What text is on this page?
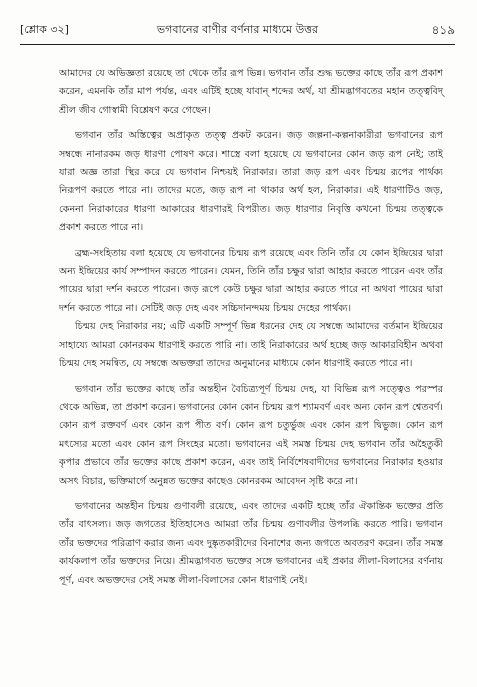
[শ্লোক ৩২]	ভগবানের বাণীর বর্ণনার মাধ্যমে উত্তর	৪১৯

আমাদের যে অভিজ্ঞতা রয়েছে তা থেকে তাঁর রূপ ভিন্ন। ভগবান তাঁর শুদ্ধ ভক্তের কাছে তাঁর রূপ প্রকাশ করেন, এমনকি তাঁর মাপ পর্যন্ত, এবং এটিই হচ্ছে যাবান্ শব্দের অর্থ, যা শ্রীমদ্ভাগবতের মহান তত্ত্ববিদ্ শ্রীল জীব গোস্বামী বিশ্লেষণ করে গেছেন।

ভগবান তাঁর অস্তিত্বের অপ্রাকৃত তত্ত্ব প্রকট করেন। জড় জল্পনা-কল্পনাকারীরা ভগবানের রূপ সম্বন্ধে নানারকম জড় ধারণা পোষণ করে। শাস্ত্রে বলা হয়েছে যে ভগবানের কোন জড় রূপ নেই; তাই যারা অজ্ঞ তারা স্থির করে যে ভগবান নিশ্চয়ই নিরাকার। তারা জড় রূপ এবং চিন্ময় রূপের পার্থক্য নিরূপণ করতে পারে না। তাদের মতে, জড় রূপ না থাকার অর্থ হল, নিরাকার। এই ধারণাটিও জড়, কেননা নিরাকারের ধারণা আকারের ধারণারই বিপরীত। জড় ধারণার নিবৃত্তি কখনো চিন্ময় তত্ত্বকে প্রকাশ করতে পারে না।

ব্রহ্ম-সংহিতায় বলা হয়েছে যে ভগবানের চিন্ময় রূপ রয়েছে এবং তিনি তাঁর যে কোন ইন্দ্রিয়ের দ্বারা অন্য ইন্দ্রিয়ের কার্য সম্পাদন করতে পারেন। যেমন, তিনি তাঁর চক্ষুর দ্বারা আহার করতে পারেন এবং তাঁর পায়ের দ্বারা দর্শন করতে পারেন। জড় রূপে কেউ চক্ষুর দ্বারা আহার করতে পারে না অথবা পায়ের দ্বারা দর্শন করতে পারে না। সেটিই জড় দেহ এবং সচ্চিদানন্দময় চিন্ময় দেহের পার্থক্য।

চিন্ময় দেহ নিরাকার নয়; এটি একটি সম্পূর্ণ ভিন্ন ধরনের দেহ যে সম্বন্ধে আমাদের বর্তমান ইন্দ্রিয়ের সাহায্যে আমরা কোনরকম ধারণাই করতে পারি না। তাই নিরাকারের অর্থ হচ্ছে জড় আকারবিহীন অথবা চিন্ময় দেহ সমন্বিত, যে সম্বন্ধে অভক্তরা তাদের অনুমানের মাধ্যমে কোন ধারণাই করতে পারে না।

ভগবান তাঁর ভক্তের কাছে তাঁর অন্তহীন বৈচিত্র্যপূর্ণ চিন্ময় দেহ, যা বিভিন্ন রূপ সত্ত্বেও পরস্পর থেকে অভিন্ন, তা প্রকাশ করেন। ভগবানের কোন কোন চিন্ময় রূপ শ্যামবর্ণ এবং অন্য কোন রূপ শ্বেতবর্ণ। কোন রূপ রক্তবর্ণ এবং কোন রূপ পীত বর্ণ। কোন রূপ চতুর্ভুজ এবং কোন রূপ দ্বিভুজ। কোন রূপ মৎস্যের মতো এবং কোন রূপ সিংহের মতো। ভগবানের এই সমস্ত চিন্ময় দেহ ভগবান তাঁর অহৈতুকী কৃপার প্রভাবে তাঁর ভক্তের কাছে প্রকাশ করেন, এবং তাই নির্বিশেষবাদীদের ভগবানের নিরাকার হওয়ার অসৎ বিচার, ভক্তিমার্গে অনুন্নত ভক্তের কাছেও কোনরকম আবেদন সৃষ্টি করে না।

ভগবানের অন্তহীন চিন্ময় গুণাবলী রয়েছে, এবং তাদের একটি হচ্ছে তাঁর ঐকান্তিক ভক্তের প্রতি তাঁর বাৎসল্য। জড় জগতের ইতিহাসেও আমরা তাঁর চিন্ময় গুণাবলীর উপলব্ধি করতে পারি। ভগবান তাঁর ভক্তদের পরিত্রাণ করার জন্য এবং দুষ্কৃতকারীদের বিনাশের জন্য জগতে অবতরণ করেন। তাঁর সমস্ত কার্যকলাপ তাঁর ভক্তদের নিয়ে। শ্রীমদ্ভাগবত ভক্তের সঙ্গে ভগবানের এই প্রকার লীলা-বিলাসের বর্ণনায় পূর্ণ, এবং অভক্তদের সেই সমস্ত লীলা-বিলাসের কোন ধারণাই নেই।
